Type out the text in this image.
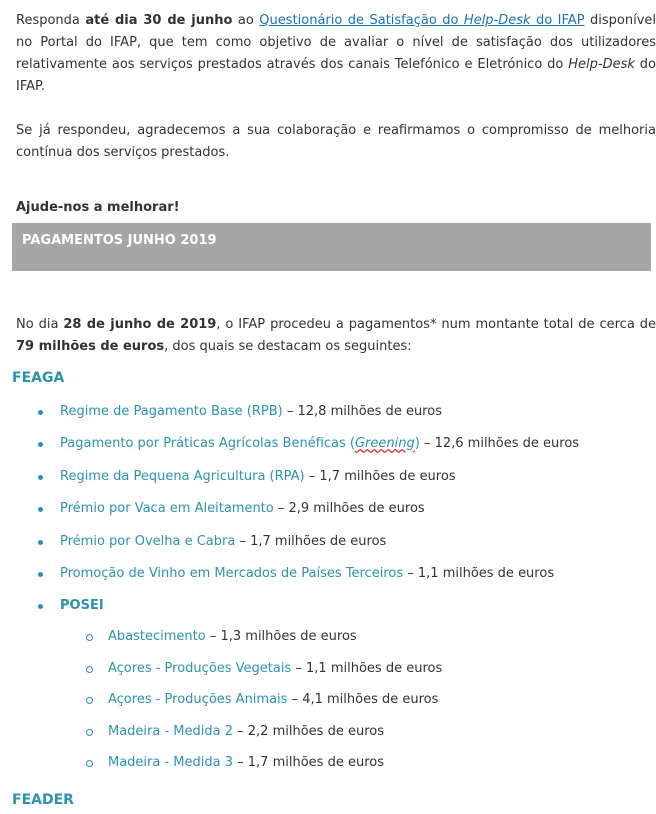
Responda até dia 30 de junho ao Questionário de Satisfação do Help-Desk do IFAP disponível no Portal do IFAP, que tem como objetivo de avaliar o nível de satisfação dos utilizadores relativamente aos serviços prestados através dos canais Telefónico e Eletrónico do Help-Desk do IFAP.

Se já respondeu, agradecemos a sua colaboração e reafirmamos o compromisso de melhoria contínua dos serviços prestados.

Ajude-nos a melhorar!
PAGAMENTOS JUNHO 2019

No dia 28 de junho de 2019, o IFAP procedeu a pagamentos* num montante total de cerca de 79 milhões de euros, dos quais se destacam os seguintes:

FEAGA
Regime de Pagamento Base (RPB) – 12,8 milhões de euros
Pagamento por Práticas Agrícolas Benéficas (Greening) – 12,6 milhões de euros
Regime da Pequena Agricultura (RPA) – 1,7 milhões de euros
Prémio por Vaca em Aleitamento – 2,9 milhões de euros
Prémio por Ovelha e Cabra – 1,7 milhões de euros
Promoção de Vinho em Mercados de Países Terceiros – 1,1 milhões de euros
POSEI
Abastecimento – 1,3 milhões de euros
Açores - Produções Vegetais – 1,1 milhões de euros
Açores - Produções Animais – 4,1 milhões de euros
Madeira - Medida 2 – 2,2 milhões de euros
Madeira - Medida 3 – 1,7 milhões de euros
FEADER
